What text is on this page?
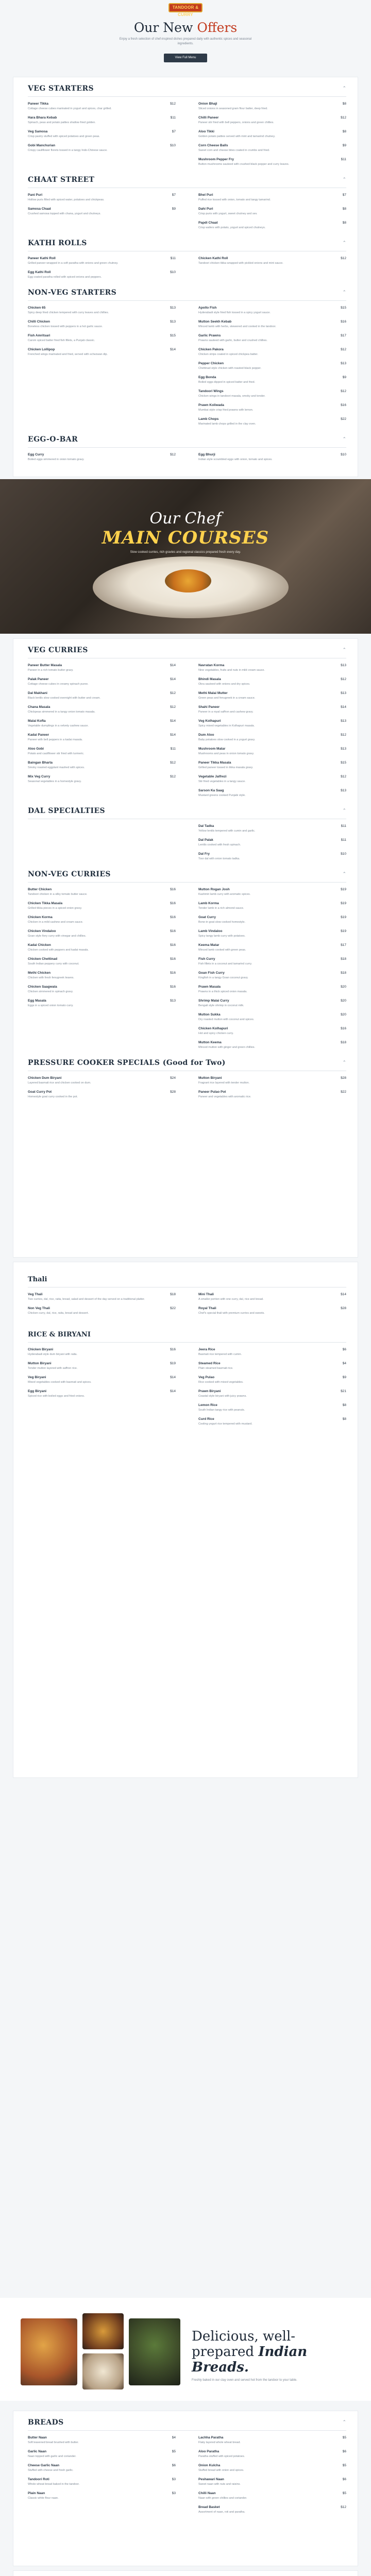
TANDOOR & CURRY
Our New Offers
Enjoy a fresh selection of chef-inspired dishes prepared daily with authentic spices and seasonal ingredients.
View Full Menu
VEG STARTERS	⌃
Paneer Tikka	$12
Cottage cheese cubes marinated in yogurt and spices, char grilled.
Hara Bhara Kebab	$11
Spinach, peas and potato patties shallow fried golden.
Veg Samosa	$7
Crisp pastry stuffed with spiced potatoes and green peas.
Gobi Manchurian	$10
Crispy cauliflower florets tossed in a tangy Indo-Chinese sauce.
Onion Bhaji	$8
Sliced onions in seasoned gram flour batter, deep fried.
Chilli Paneer	$12
Paneer stir fried with bell peppers, onions and green chillies.
Aloo Tikki	$8
Golden potato patties served with mint and tamarind chutney.
Corn Cheese Balls	$9
Sweet corn and cheese bites coated in crumbs and fried.
Mushroom Pepper Fry	$11
Button mushrooms sauteed with crushed black pepper and curry leaves.
CHAAT STREET	⌃
Pani Puri	$7
Hollow puris filled with spiced water, potatoes and chickpeas.
Samosa Chaat	$9
Crushed samosa topped with chana, yogurt and chutneys.
Bhel Puri	$7
Puffed rice tossed with onion, tomato and tangy tamarind.
Dahi Puri	$8
Crisp puris with yogurt, sweet chutney and sev.
Papdi Chaat	$8
Crisp wafers with potato, yogurt and spiced chutneys.
KATHI ROLLS	⌃
Paneer Kathi Roll	$11
Grilled paneer wrapped in a soft paratha with onions and green chutney.
Egg Kathi Roll	$10
Egg coated paratha rolled with spiced onions and peppers.
Chicken Kathi Roll	$12
Tandoori chicken tikka wrapped with pickled onions and mint sauce.
NON-VEG STARTERS	⌃
Chicken 65	$13
Spicy deep fried chicken tempered with curry leaves and chillies.
Chilli Chicken	$13
Boneless chicken tossed with peppers in a hot garlic sauce.
Fish Amritsari	$15
Carom spiced batter fried fish fillets, a Punjab classic.
Chicken Lollipop	$14
Frenched wings marinated and fried, served with schezwan dip.
Apollo Fish	$15
Hyderabadi style fried fish tossed in a spicy yogurt sauce.
Mutton Seekh Kebab	$16
Minced lamb with herbs, skewered and cooked in the tandoor.
Garlic Prawns	$17
Prawns sauteed with garlic, butter and crushed chillies.
Chicken Pakora	$12
Chicken strips coated in spiced chickpea batter.
Pepper Chicken	$13
Chettinad style chicken with roasted black pepper.
Egg Bonda	$9
Boiled eggs dipped in spiced batter and fried.
Tandoori Wings	$12
Chicken wings in tandoori masala, smoky and tender.
Prawn Koliwada	$16
Mumbai style crisp fried prawns with lemon.
Lamb Chops	$22
Marinated lamb chops grilled in the clay oven.
EGG-O-BAR	⌃
Egg Curry	$12
Boiled eggs simmered in onion tomato gravy.
Egg Bhurji	$10
Indian style scrambled eggs with onion, tomato and spices.
Our Chef
MAIN COURSES
Slow cooked curries, rich gravies and regional classics prepared fresh every day.
VEG CURRIES	⌃
Paneer Butter Masala	$14
Paneer in a rich tomato butter gravy.
Palak Paneer	$14
Cottage cheese cubes in creamy spinach puree.
Dal Makhani	$12
Black lentils slow cooked overnight with butter and cream.
Chana Masala	$12
Chickpeas simmered in a tangy onion tomato masala.
Malai Kofta	$14
Vegetable dumplings in a velvety cashew sauce.
Kadai Paneer	$14
Paneer with bell peppers in a kadai masala.
Aloo Gobi	$11
Potato and cauliflower stir fried with turmeric.
Baingan Bharta	$12
Smoky roasted eggplant mashed with spices.
Mix Veg Curry	$12
Seasonal vegetables in a homestyle gravy.
Navratan Korma	$13
Nine vegetables, fruits and nuts in mild cream sauce.
Bhindi Masala	$12
Okra sauteed with onions and dry spices.
Methi Malai Mutter	$13
Green peas and fenugreek in a cream sauce.
Shahi Paneer	$14
Paneer in a royal saffron and cashew gravy.
Veg Kolhapuri	$13
Spicy mixed vegetables in Kolhapuri masala.
Dum Aloo	$12
Baby potatoes slow cooked in a yogurt gravy.
Mushroom Matar	$13
Mushrooms and peas in onion tomato gravy.
Paneer Tikka Masala	$15
Grilled paneer tossed in tikka masala gravy.
Vegetable Jalfrezi	$12
Stir fried vegetables in a tangy sauce.
Sarson Ka Saag	$13
Mustard greens cooked Punjabi style.
DAL SPECIALTIES	⌃
Dal Tadka	$11
Yellow lentils tempered with cumin and garlic.
Dal Palak	$11
Lentils cooked with fresh spinach.
Dal Fry	$10
Toor dal with onion tomato tadka.
NON-VEG CURRIES	⌃
Butter Chicken	$16
Tandoori chicken in a silky tomato butter sauce.
Chicken Tikka Masala	$16
Grilled tikka pieces in a spiced onion gravy.
Chicken Korma	$16
Chicken in a mild cashew and cream sauce.
Chicken Vindaloo	$16
Goan style fiery curry with vinegar and chillies.
Kadai Chicken	$16
Chicken cooked with peppers and kadai masala.
Chicken Chettinad	$16
South Indian peppery curry with coconut.
Methi Chicken	$16
Chicken with fresh fenugreek leaves.
Chicken Saagwala	$16
Chicken simmered in spinach gravy.
Egg Masala	$13
Eggs in a spiced onion tomato curry.
Mutton Rogan Josh	$19
Kashmiri lamb curry with aromatic spices.
Lamb Korma	$19
Tender lamb in a rich almond sauce.
Goat Curry	$19
Bone-in goat slow cooked homestyle.
Lamb Vindaloo	$19
Spicy tangy lamb curry with potatoes.
Keema Matar	$17
Minced lamb cooked with green peas.
Fish Curry	$18
Fish fillets in a coconut and tamarind curry.
Goan Fish Curry	$18
Kingfish in a tangy Goan coconut gravy.
Prawn Masala	$20
Prawns in a thick spiced onion masala.
Shrimp Malai Curry	$20
Bengali style shrimp in coconut milk.
Mutton Sukka	$20
Dry roasted mutton with coconut and spices.
Chicken Kolhapuri	$16
Hot and spicy chicken curry.
Mutton Keema	$18
Minced mutton with ginger and green chillies.
PRESSURE COOKER SPECIALS (Good for Two)	⌃
Chicken Dum Biryani	$24
Layered basmati rice and chicken cooked on dum.
Goat Curry Pot	$28
Homestyle goat curry cooked in the pot.
Mutton Biryani	$28
Fragrant rice layered with tender mutton.
Paneer Pulao Pot	$22
Paneer and vegetables with aromatic rice.
Thali
Veg Thali	$18
Two curries, dal, rice, raita, bread, salad and dessert of the day served on a traditional platter.
Non Veg Thali	$22
Chicken curry, dal, rice, raita, bread and dessert.
Mini Thali	$14
A smaller portion with one curry, dal, rice and bread.
Royal Thali	$28
Chef's special thali with premium curries and sweets.
RICE & BIRYANI
Chicken Biryani	$16
Hyderabadi style dum biryani with raita.
Mutton Biryani	$19
Tender mutton layered with saffron rice.
Veg Biryani	$14
Mixed vegetables cooked with basmati and spices.
Egg Biryani	$14
Spiced rice with boiled eggs and fried onions.
Jeera Rice	$6
Basmati rice tempered with cumin.
Steamed Rice	$4
Plain steamed basmati rice.
Veg Pulao	$9
Rice cooked with mixed vegetables.
Prawn Biryani	$21
Coastal style biryani with juicy prawns.
Lemon Rice	$8
South Indian tangy rice with peanuts.
Curd Rice	$8
Cooling yogurt rice tempered with mustard.
Delicious, well-
prepared Indian Breads.
Freshly baked in our clay oven and served hot from the tandoor to your table.
BREADS	⌃
Butter Naan	$4
Soft leavened bread brushed with butter.
Garlic Naan	$5
Naan topped with garlic and coriander.
Cheese Garlic Naan	$6
Stuffed with cheese and fresh garlic.
Tandoori Roti	$3
Whole wheat bread baked in the tandoor.
Plain Naan	$3
Classic white flour naan.
Lachha Paratha	$5
Flaky layered whole wheat bread.
Aloo Paratha	$6
Paratha stuffed with spiced potatoes.
Onion Kulcha	$5
Stuffed bread with onion and spices.
Peshawari Naan	$6
Sweet naan with nuts and raisins.
Chilli Naan	$5
Naan with green chillies and coriander.
Bread Basket	$12
Assortment of naan, roti and paratha.
